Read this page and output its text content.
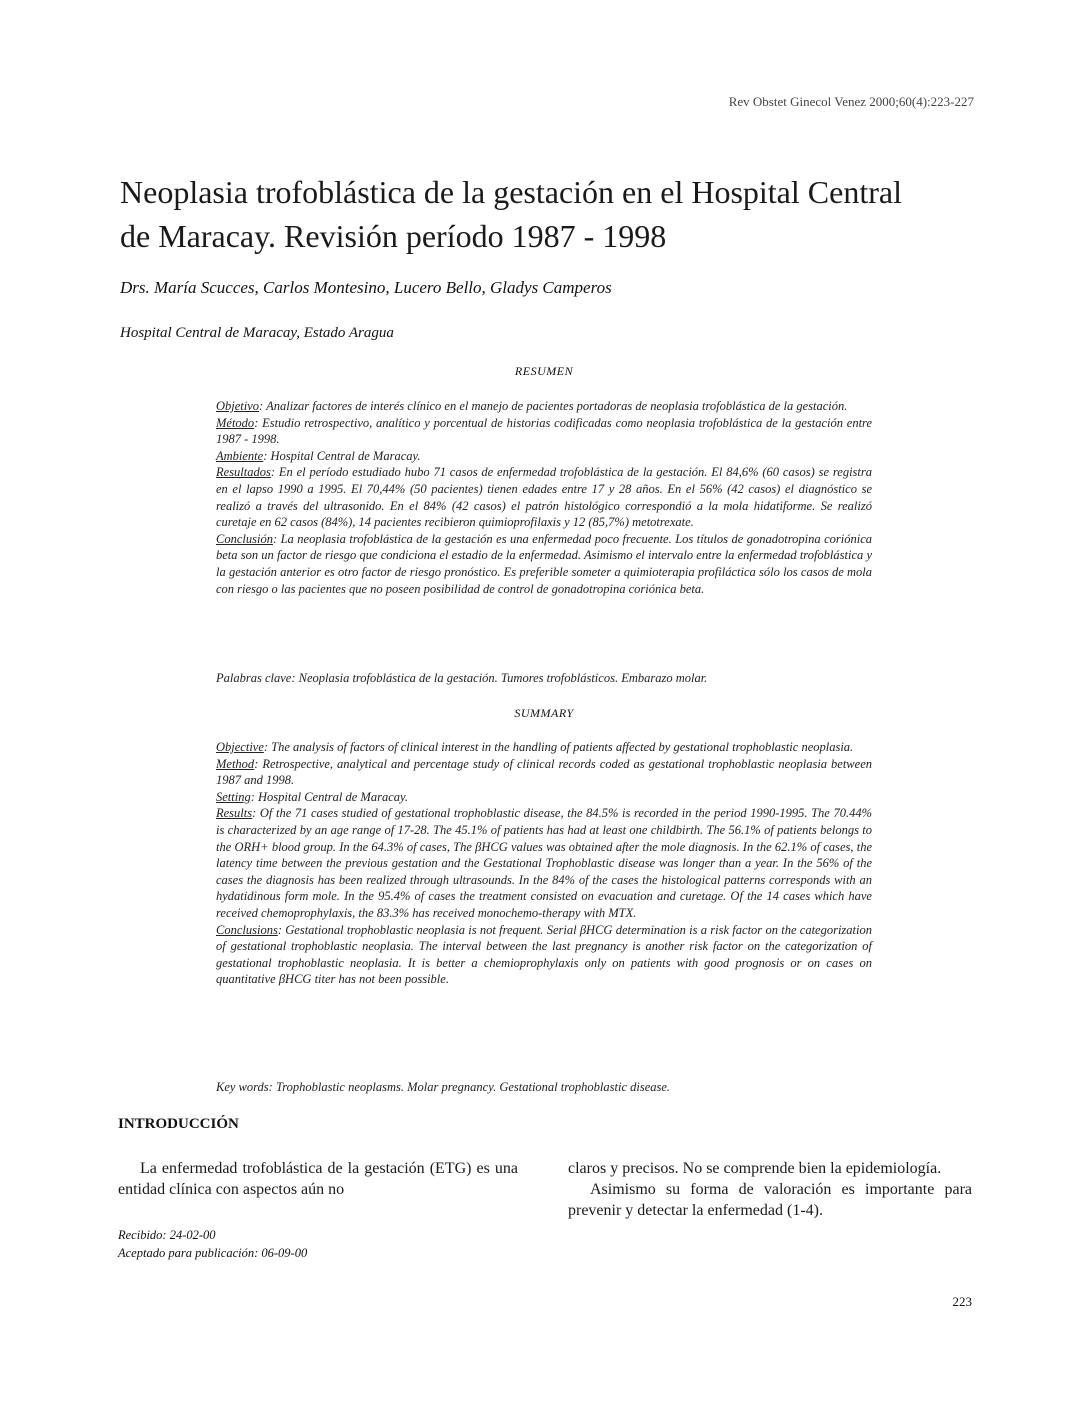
Rev Obstet Ginecol Venez 2000;60(4):223-227
Neoplasia trofoblástica de la gestación en el Hospital Central
de Maracay. Revisión período 1987 - 1998
Drs. María Scucces, Carlos Montesino, Lucero Bello, Gladys Camperos
Hospital Central de Maracay, Estado Aragua
RESUMEN

Objetivo: Analizar factores de interés clínico en el manejo de pacientes portadoras de neoplasia trofoblástica de la gestación.

Método: Estudio retrospectivo, analítico y porcentual de historias codificadas como neoplasia trofoblástica de la gestación entre 1987 - 1998.

Ambiente: Hospital Central de Maracay.

Resultados: En el período estudiado hubo 71 casos de enfermedad trofoblástica de la gestación. El 84,6% (60 casos) se registra en el lapso 1990 a 1995. El 70,44% (50 pacientes) tienen edades entre 17 y 28 años. En el 56% (42 casos) el diagnóstico se realizó a través del ultrasonido. En el 84% (42 casos) el patrón histológico correspondió a la mola hidatiforme. Se realizó curetaje en 62 casos (84%), 14 pacientes recibieron quimioprofilaxis y 12 (85,7%) metotrexate.

Conclusión: La neoplasia trofoblástica de la gestación es una enfermedad poco frecuente. Los títulos de gonadotropina coriónica beta son un factor de riesgo que condiciona el estadio de la enfermedad. Asimismo el intervalo entre la enfermedad trofoblástica y la gestación anterior es otro factor de riesgo pronóstico. Es preferible someter a quimioterapia profiláctica sólo los casos de mola con riesgo o las pacientes que no poseen posibilidad de control de gonadotropina coriónica beta.

Palabras clave: Neoplasia trofoblástica de la gestación. Tumores trofoblásticos. Embarazo molar.
SUMMARY

Objective: The analysis of factors of clinical interest in the handling of patients affected by gestational trophoblastic neoplasia.

Method: Retrospective, analytical and percentage study of clinical records coded as gestational trophoblastic neoplasia between 1987 and 1998.

Setting: Hospital Central de Maracay.

Results: Of the 71 cases studied of gestational trophoblastic disease, the 84.5% is recorded in the period 1990-1995. The 70.44% is characterized by an age range of 17-28. The 45.1% of patients has had at least one childbirth. The 56.1% of patients belongs to the ORH+ blood group. In the 64.3% of cases, The βHCG values was obtained after the mole diagnosis. In the 62.1% of cases, the latency time between the previous gestation and the Gestational Trophoblastic disease was longer than a year. In the 56% of the cases the diagnosis has been realized through ultrasounds. In the 84% of the cases the histological patterns corresponds with an hydatidinous form mole. In the 95.4% of cases the treatment consisted on evacuation and curetage. Of the 14 cases which have received chemoprophylaxis, the 83.3% has received monochemo-therapy with MTX.

Conclusions: Gestational trophoblastic neoplasia is not frequent. Serial βHCG determination is a risk factor on the categorization of gestational trophoblastic neoplasia. The interval between the last pregnancy is another risk factor on the categorization of gestational trophoblastic neoplasia. It is better a chemioprophylaxis only on patients with good prognosis or on cases on quantitative βHCG titer has not been possible.

Key words: Trophoblastic neoplasms. Molar pregnancy. Gestational trophoblastic disease.
INTRODUCCIÓN

La enfermedad trofoblástica de la gestación (ETG) es una entidad clínica con aspectos aún no

claros y precisos. No se comprende bien la epidemiología.

Asimismo su forma de valoración es importante para prevenir y detectar la enfermedad (1-4).

Recibido: 24-02-00
Aceptado para publicación: 06-09-00
223
